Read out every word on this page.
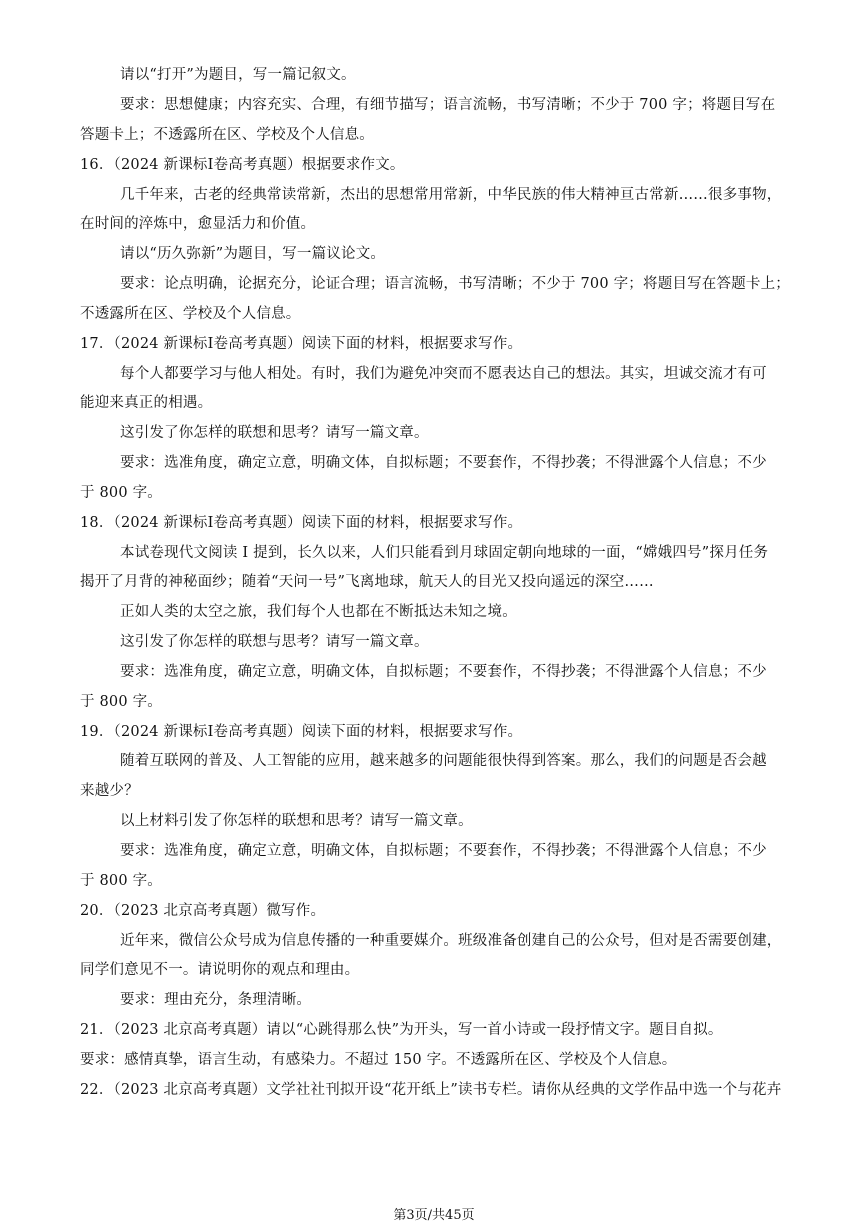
请以“打开”为题目，写一篇记叙文。
要求：思想健康；内容充实、合理，有细节描写；语言流畅，书写清晰；不少于 700 字；将题目写在
答题卡上；不透露所在区、学校及个人信息。
16．（2024 新课标I卷高考真题）根据要求作文。
几千年来，古老的经典常读常新，杰出的思想常用常新，中华民族的伟大精神亘古常新……很多事物，
在时间的淬炼中，愈显活力和价值。
请以“历久弥新”为题目，写一篇议论文。
要求：论点明确，论据充分，论证合理；语言流畅，书写清晰；不少于 700 字；将题目写在答题卡上；
不透露所在区、学校及个人信息。
17．（2024 新课标I卷高考真题）阅读下面的材料，根据要求写作。
每个人都要学习与他人相处。有时，我们为避免冲突而不愿表达自己的想法。其实，坦诚交流才有可
能迎来真正的相遇。
这引发了你怎样的联想和思考？请写一篇文章。
要求：选准角度，确定立意，明确文体，自拟标题；不要套作，不得抄袭；不得泄露个人信息；不少
于 800 字。
18．（2024 新课标I卷高考真题）阅读下面的材料，根据要求写作。
本试卷现代文阅读 I 提到，长久以来，人们只能看到月球固定朝向地球的一面，“嫦娥四号”探月任务
揭开了月背的神秘面纱；随着“天问一号”飞离地球，航天人的目光又投向遥远的深空……
正如人类的太空之旅，我们每个人也都在不断抵达未知之境。
这引发了你怎样的联想与思考？请写一篇文章。
要求：选准角度，确定立意，明确文体，自拟标题；不要套作，不得抄袭；不得泄露个人信息；不少
于 800 字。
19．（2024 新课标I卷高考真题）阅读下面的材料，根据要求写作。
随着互联网的普及、人工智能的应用，越来越多的问题能很快得到答案。那么，我们的问题是否会越
来越少？
以上材料引发了你怎样的联想和思考？请写一篇文章。
要求：选准角度，确定立意，明确文体，自拟标题；不要套作，不得抄袭；不得泄露个人信息；不少
于 800 字。
20．（2023 北京高考真题）微写作。
近年来，微信公众号成为信息传播的一种重要媒介。班级准备创建自己的公众号，但对是否需要创建，
同学们意见不一。请说明你的观点和理由。
要求：理由充分，条理清晰。
21．（2023 北京高考真题）请以“心跳得那么快”为开头，写一首小诗或一段抒情文字。题目自拟。
要求：感情真挚，语言生动，有感染力。不超过 150 字。不透露所在区、学校及个人信息。
22．（2023 北京高考真题）文学社社刊拟开设“花开纸上”读书专栏。请你从经典的文学作品中选一个与花卉
第3页/共45页
